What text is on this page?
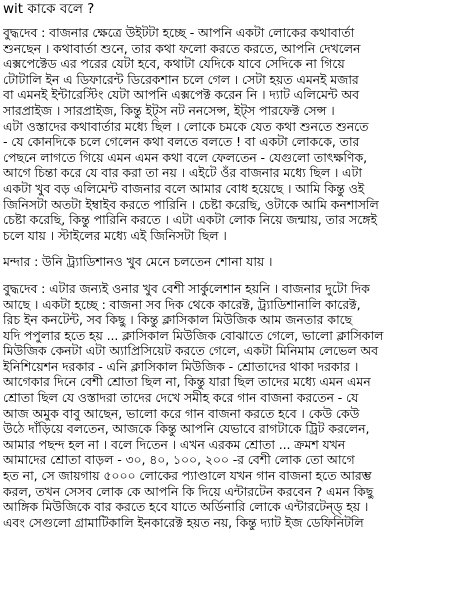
wit কাকে বলে ?
বুদ্ধদেব : বাজনার ক্ষেত্রে উইটটা হচ্ছে - আপনি একটা লোকের কথাবার্তা
শুনছেন । কথাবার্তা শুনে, তার কথা ফলো করতে করতে, আপনি দেখলেন
এক্সপেক্টেড এর পরের যেটা হবে, কথাটা যেদিকে যাবে সেদিকে না গিয়ে
টোটালি ইন এ ডিফারেন্ট ডিরেকশান চলে গেল । সেটা হয়ত এমনই মজার
বা এমনই ইন্টারেস্টিং যেটা আপনি এক্সপেক্ট করেন নি । দ্যাট এলিমেন্ট অব
সারপ্রাইজ । সারপ্রাইজ, কিন্তু ইট্স নট ননসেন্স, ইট্স পারফেক্ট সেন্স ।
এটা ওস্তাদের কথাবার্তার মধ্যে ছিল । লোকে চমকে যেত কথা শুনতে শুনতে
- যে কোনদিকে চলে গেলেন কথা বলতে বলতে ! বা একটা লোককে, তার
পেছনে লাগতে গিয়ে এমন এমন কথা বলে ফেলতেন - যেগুলো তাৎক্ষণিক,
আগে চিন্তা করে যে বার করা তা নয় । এইটে ওঁর বাজনার মধ্যে ছিল । এটা
একটা খুব বড় এলিমেন্ট বাজনার বলে আমার বোধ হয়েছে । আমি কিন্তু ওই
জিনিসটা অতটা ইম্বাইব করতে পারিনি । চেষ্টা করেছি, ওটাকে আমি কনশাসলি
চেষ্টা করেছি, কিন্তু পারিনি করতে । এটা একটা লোক নিয়ে জন্মায়, তার সঙ্গেই
চলে যায় । স্টাইলের মধ্যে এই জিনিসটা ছিল ।
মন্দার : উনি ট্র্যাডিশানও খুব মেনে চলতেন শোনা যায় ।
বুদ্ধদেব : এটার জন্যই ওনার খুব বেশী সার্কুলেশান হয়নি । বাজনার দুটো দিক
আছে । একটা হচ্ছে : বাজনা সব দিক থেকে কারেক্ট, ট্র্যাডিশানালি কারেক্ট,
রিচ ইন কনটেন্ট, সব কিছু । কিন্তু ক্লাসিকাল মিউজিক আম জনতার কাছে
যদি পপুলার হতে হয় ... ক্লাসিকাল মিউজিক বোঝাতে গেলে, ভালো ক্লাসিকাল
মিউজিক কেনটা এটা অ্যাপ্রিসিয়েট করতে গেলে, একটা মিনিমাম লেভেল অব
ইনিশিয়েশন দরকার - এনি ক্লাসিকাল মিউজিক - শ্রোতাদের থাকা দরকার ।
আগেকার দিনে বেশী শ্রোতা ছিল না, কিন্তু যারা ছিল তাদের মধ্যে এমন এমন
শ্রোতা ছিল যে ওস্তাদরা তাদের দেখে সমীহ করে গান বাজনা করতেন - যে
আজ অমুক বাবু আছেন, ভালো করে গান বাজনা করতে হবে । কেউ কেউ
উঠে দাঁড়িয়ে বলতেন, আজকে কিন্তু আপনি যেভাবে রাগটাকে ট্রিট করলেন,
আমার পছন্দ হল না । বলে দিতেন । এখন এরকম শ্রোতা ... ক্রমশ যখন
আমাদের শ্রোতা বাড়ল - ৩০, ৪০, ১০০, ২০০ -র বেশী লোক তো আগে
হত না, সে জায়গায় ৫০০০ লোকের প্যাণ্ডালে যখন গান বাজনা হতে আরম্ভ
করল, তখন সেসব লোক কে আপনি কি দিয়ে এন্টারটেন করবেন ? এমন কিছু
আঙ্গিক মিউজিকে বার করতে হবে যাতে অর্ডিনারি লোকে এন্টারটেন্‌ড্ হয় ।
এবং সেগুলো গ্রামাটিকালি ইনকারেক্ট হয়ত নয়, কিন্তু দ্যাট ইজ ডেফিনিটলি
